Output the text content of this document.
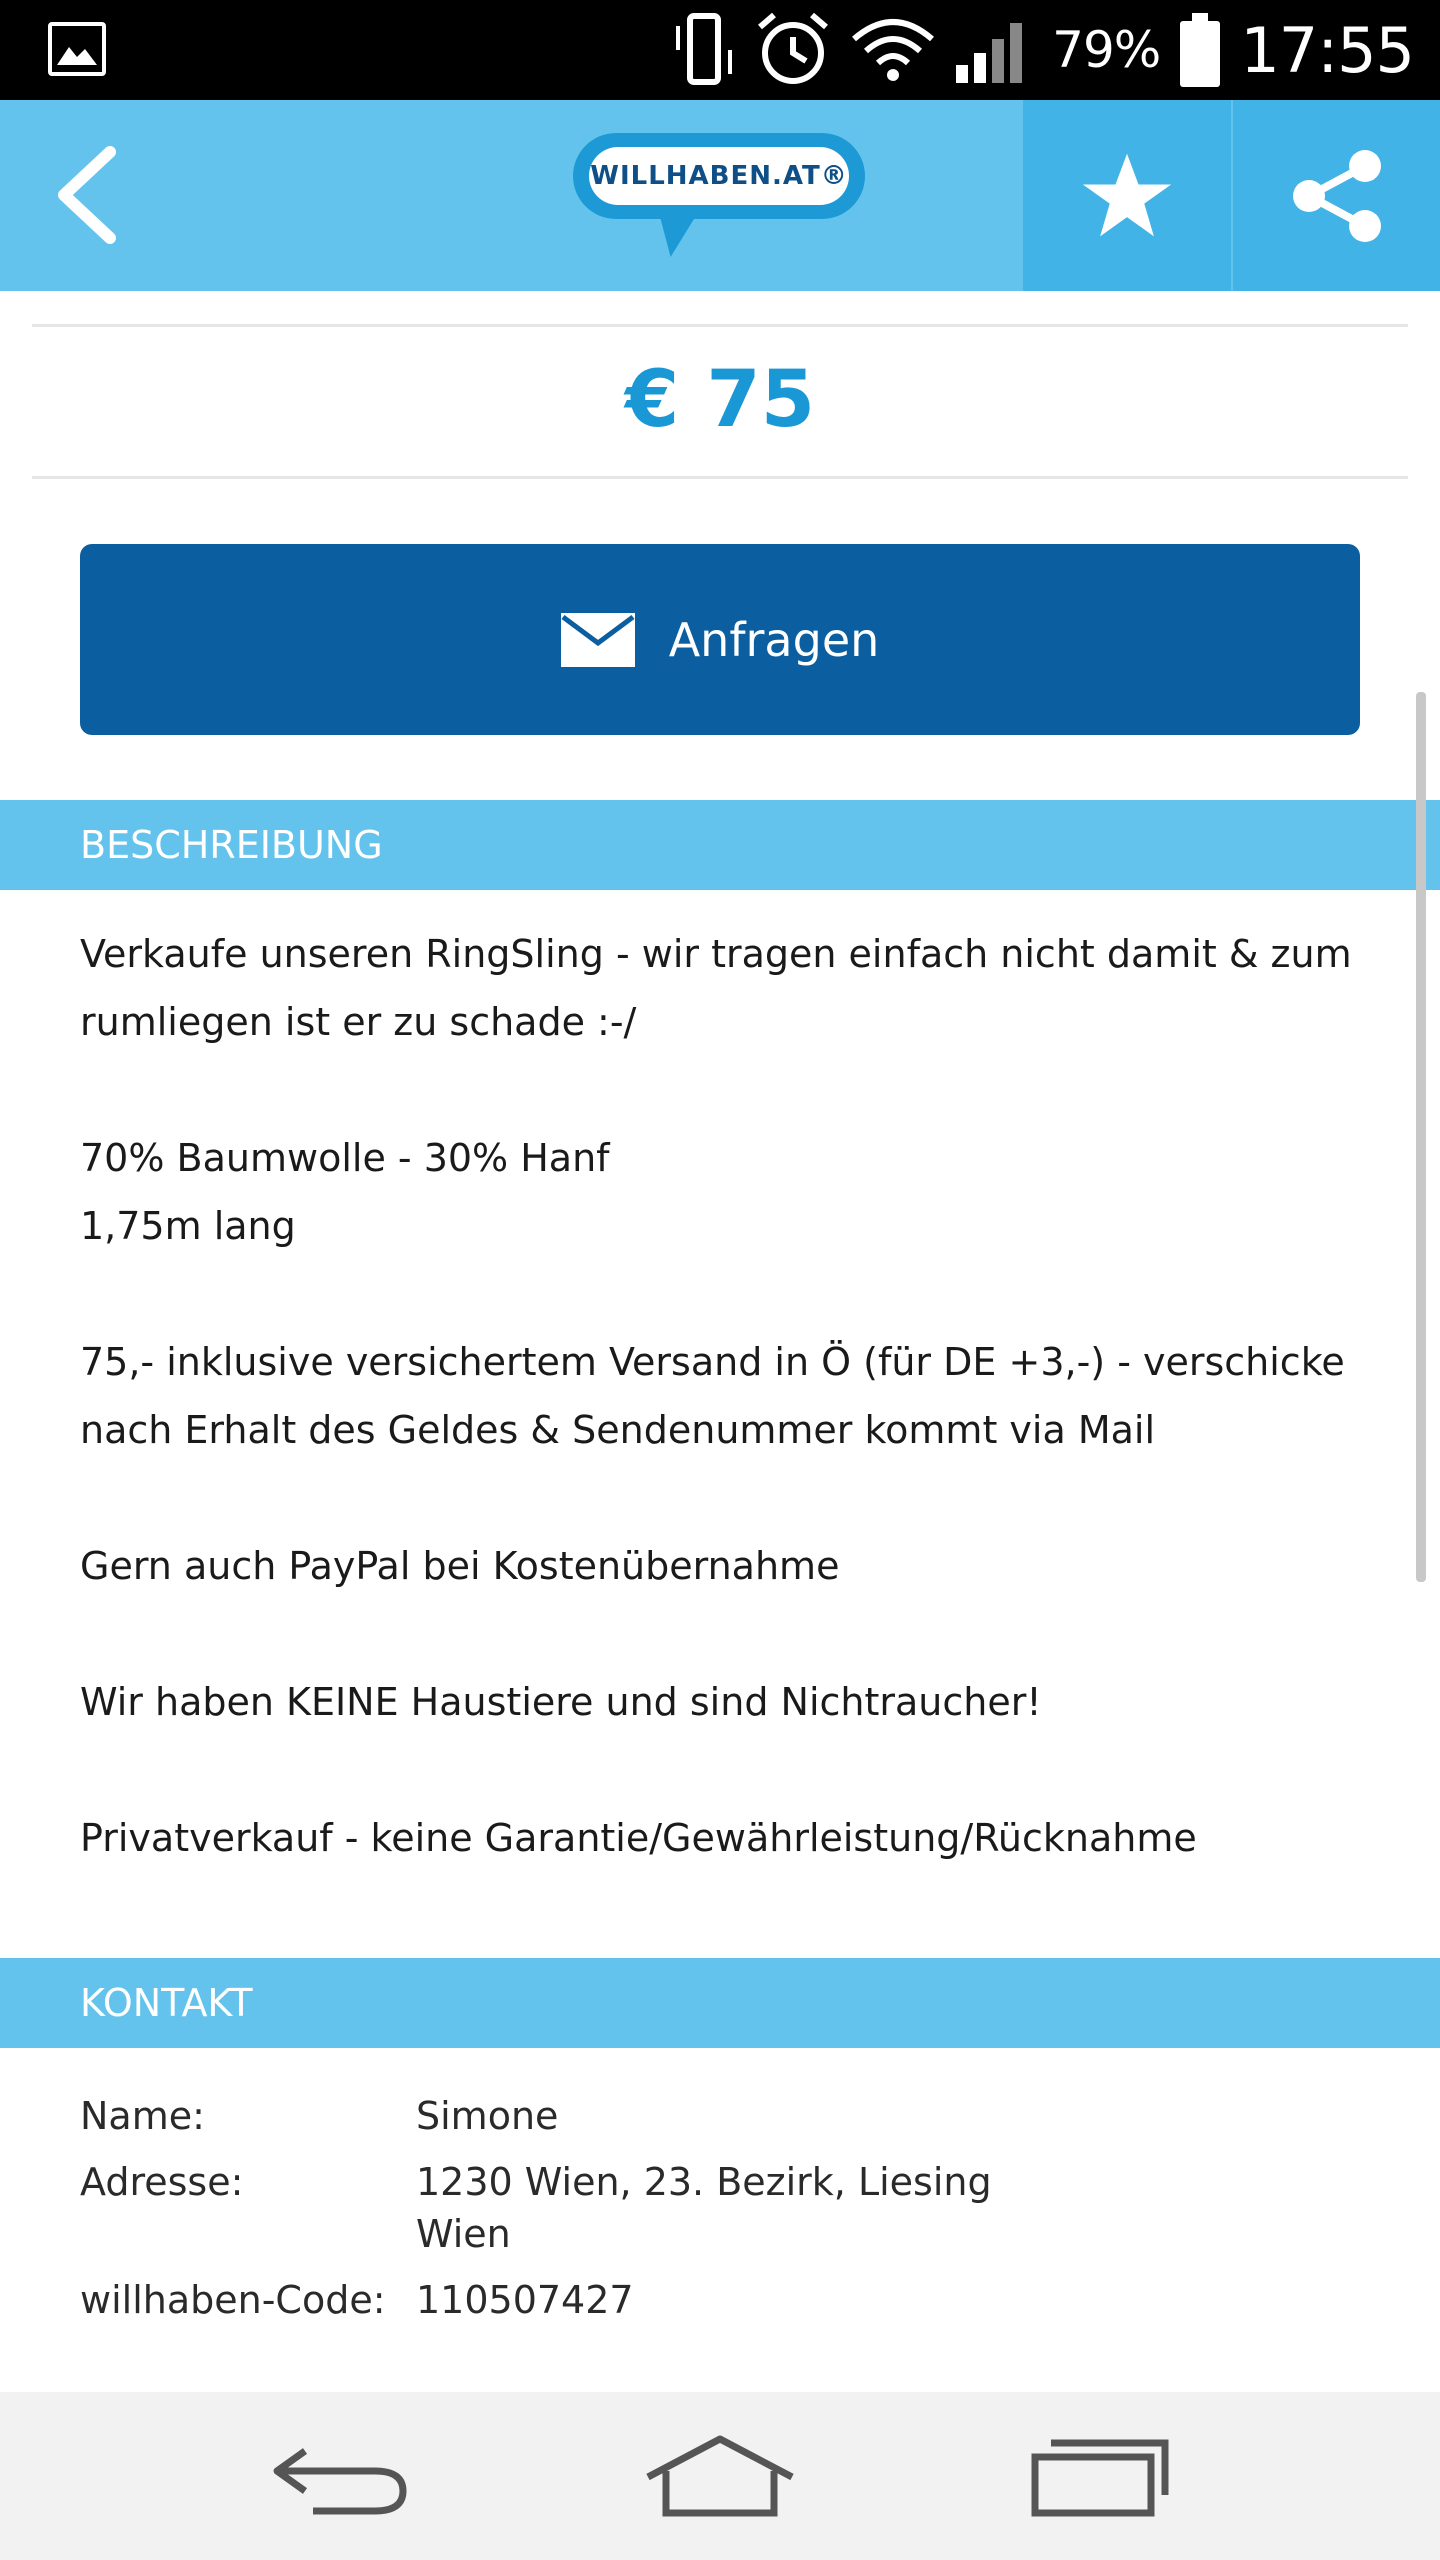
79% 17:55
WILLHABEN.AT®
€ 75
Anfragen
BESCHREIBUNG

Verkaufe unseren RingSling - wir tragen einfach nicht damit & zum rumliegen ist er zu schade :-/

70% Baumwolle - 30% Hanf

1,75m lang

75,- inklusive versichertem Versand in Ö (für DE +3,-) - verschicke nach Erhalt des Geldes & Sendenummer kommt via Mail

Gern auch PayPal bei Kostenübernahme

Wir haben KEINE Haustiere und sind Nichtraucher!

Privatverkauf - keine Garantie/Gewährleistung/Rücknahme

KONTAKT
Name:	Simone
Adresse:	1230 Wien, 23. Bezirk, Liesing
Wien
willhaben-Code: 110507427
